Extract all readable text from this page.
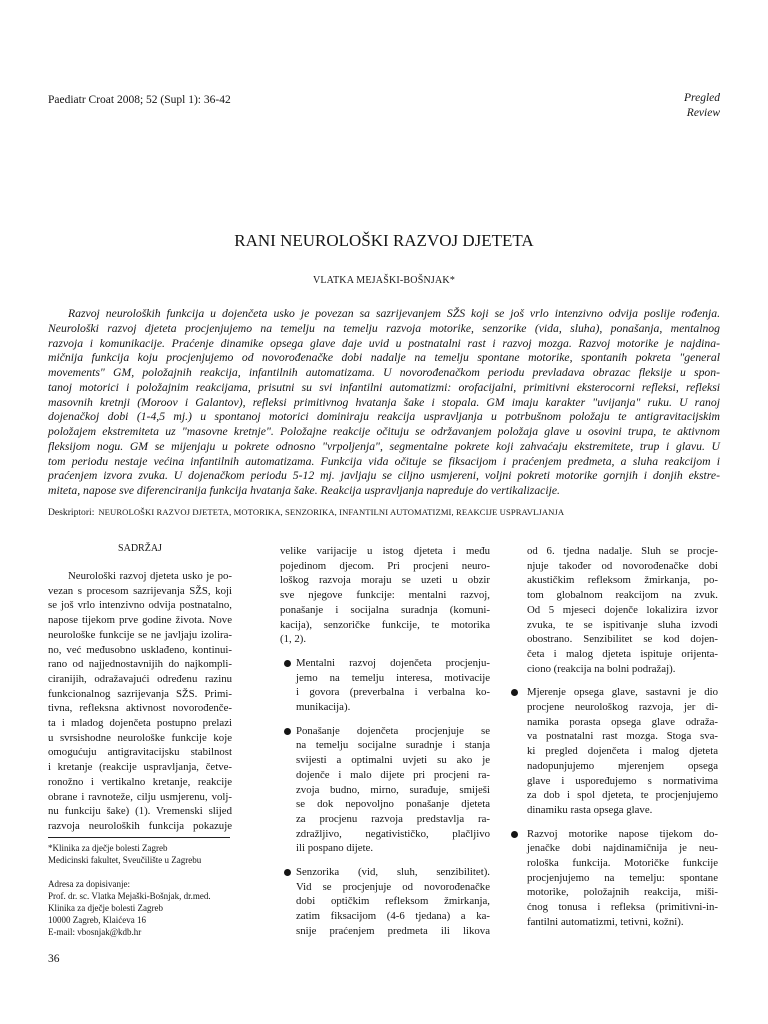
Paediatr Croat 2008; 52 (Supl 1): 36-42	Pregled
Review
RANI NEUROLOŠKI RAZVOJ DJETETA
VLATKA MEJAŠKI-BOŠNJAK*
Razvoj neuroloških funkcija u dojenčeta usko je povezan sa sazrijevanjem SŽS koji se još vrlo intenzivno odvija poslije rođenja.
Neurološki razvoj djeteta procjenjujemo na temelju na temelju razvoja motorike, senzorike (vida, sluha), ponašanja, mentalnog
razvoja i komunikacije. Praćenje dinamike opsega glave daje uvid u postnatalni rast i razvoj mozga. Razvoj motorike je najdina-
mičnija funkcija koju procjenjujemo od novorođenačke dobi nadalje na temelju spontane motorike, spontanih pokreta "general
movements" GM, položajnih reakcija, infantilnih automatizama. U novorođenačkom periodu prevladava obrazac fleksije u spon-
tanoj motorici i položajnim reakcijama, prisutni su svi infantilni automatizmi: orofacijalni, primitivni eksterocorni refleksi, refleksi
masovnih kretnji (Moroov i Galantov), refleksi primitivnog hvatanja šake i stopala. GM imaju karakter "uvijanja" ruku. U ranoj
dojenačkoj dobi (1-4,5 mj.) u spontanoj motorici dominiraju reakcija uspravljanja u potrbušnom položaju te antigravitacijskim
položajem ekstremiteta uz "masovne kretnje". Položajne reakcije očituju se održavanjem položaja glave u osovini trupa, te aktivnom
fleksijom nogu. GM se mijenjaju u pokrete odnosno "vrpoljenja", segmentalne pokrete koji zahvaćaju ekstremitete, trup i glavu. U
tom periodu nestaje većina infantilnih automatizama. Funkcija vida očituje se fiksacijom i praćenjem predmeta, a sluha reakcijom i
praćenjem izvora zvuka. U dojenačkom periodu 5-12 mj. javljaju se ciljno usmjereni, voljni pokreti motorike gornjih i donjih ekstre-
miteta, napose sve diferenciranija funkcija hvatanja šake. Reakcija uspravljanja napreduje do vertikalizacije.
Deskriptori: NEUROLOŠKI RAZVOJ DJETETA, MOTORIKA, SENZORIKA, INFANTILNI AUTOMATIZMI, REAKCIJE USPRAVLJANJA
SADRŽAJ
Neurološki razvoj djeteta usko je po-
vezan s procesom sazrijevanja SŽS, koji
se još vrlo intenzivno odvija postnatalno,
napose tijekom prve godine života. Nove
neurološke funkcije se ne javljaju izolira-
no, već međusobno usklađeno, kontinui-
rano od najjednostavnijih do najkompli-
ciranijih, odražavajući određenu razinu
funkcionalnog sazrijevanja SŽS. Primi-
tivna, refleksna aktivnost novorođenče-
ta i mladog dojenčeta postupno prelazi
u svrsishodne neurološke funkcije koje
omogućuju antigravitacijsku stabilnost
i kretanje (reakcije uspravljanja, četve-
ronožno i vertikalno kretanje, reakcije
obrane i ravnoteže, cilju usmjerenu, volj-
nu funkciju šake) (1). Vremenski slijed
razvoja neuroloških funkcija pokazuje
velike varijacije u istog djeteta i među
pojedinom djecom. Pri procjeni neuro-
loškog razvoja moraju se uzeti u obzir
sve njegove funkcije: mentalni razvoj,
ponašanje i socijalna suradnja (komuni-
kacija), senzoričke funkcije, te motorika
(1, 2).
Mentalni razvoj dojenčeta procjenju-
jemo na temelju interesa, motivacije
i govora (preverbalna i verbalna ko-
munikacija).
Ponašanje dojenčeta procjenjuje se
na temelju socijalne suradnje i stanja
svijesti a optimalni uvjeti su ako je
dojenče i malo dijete pri procjeni ra-
zvoja budno, mirno, surađuje, smiješi
se dok nepovoljno ponašanje djeteta
za procjenu razvoja predstavlja ra-
zdražljivo, negativističko, plačljivo
ili pospano dijete.
Senzorika (vid, sluh, senzibilitet).
Vid se procjenjuje od novorođenačke
dobi optičkim refleksom žmirkanja,
zatim fiksacijom (4-6 tjedana) a ka-
snije praćenjem predmeta ili likova
od 6. tjedna nadalje. Sluh se procje-
njuje također od novorođenačke dobi
akustičkim refleksom žmirkanja, po-
tom globalnom reakcijom na zvuk.
Od 5 mjeseci dojenče lokalizira izvor
zvuka, te se ispitivanje sluha izvodi
obostrano. Senzibilitet se kod dojen-
četa i malog djeteta ispituje orijenta-
ciono (reakcija na bolni podražaj).
Mjerenje opsega glave, sastavni je dio
procjene neurološkog razvoja, jer di-
namika porasta opsega glave odraža-
va postnatalni rast mozga. Stoga sva-
ki pregled dojenčeta i malog djeteta
nadopunjujemo mjerenjem opsega
glave i uspoređujemo s normativima
za dob i spol djeteta, te procjenjujemo
dinamiku rasta opsega glave.
Razvoj motorike napose tijekom do-
jenačke dobi najdinamičnija je neu-
rološka funkcija. Motoričke funkcije
procjenjujemo na temelju: spontane
motorike, položajnih reakcija, miši-
ćnog tonusa i refleksa (primitivni-in-
fantilni automatizmi, tetivni, kožni).
*Klinika za dječje bolesti Zagreb
Medicinski fakultet, Sveučilište u Zagrebu
Adresa za dopisivanje:
Prof. dr. sc. Vlatka Mejaški-Bošnjak, dr.med.
Klinika za dječje bolesti Zagreb
10000 Zagreb, Klaićeva 16
E-mail: vbosnjak@kdb.hr
36
